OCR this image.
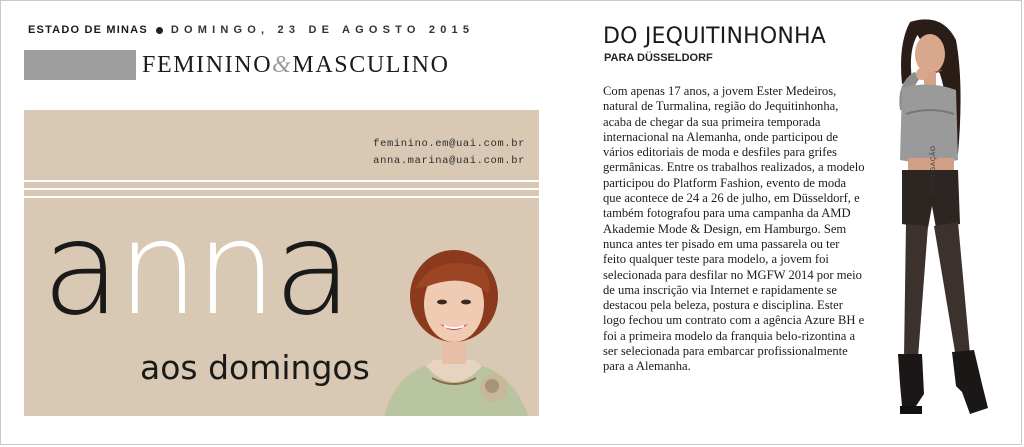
ESTADO DE MINAS DOMINGO, 23 DE AGOSTO 2015
FEMININO&MASCULINO
feminino.em@uai.com.br
anna.marina@uai.com.br
anna
aos domingos
DO JEQUITINHONHA
PARA DÜSSELDORF

Com apenas 17 anos, a jovem Ester Medeiros, natural de Turmalina, região do Jequitinhonha, acaba de chegar da sua primeira temporada internacional na Alemanha, onde participou de vários editoriais de moda e desfiles para grifes germânicas. Entre os trabalhos realizados, a modelo participou do Platform Fashion, evento de moda que acontece de 24 a 26 de julho, em Düsseldorf, e também fotografou para uma campanha da AMD Akademie Mode & Design, em Hamburgo. Sem nunca antes ter pisado em uma passarela ou ter feito qualquer teste para modelo, a jovem foi selecionada para desfilar no MGFW 2014 por meio de uma inscrição via Internet e rapidamente se destacou pela beleza, postura e disciplina. Ester logo fechou um contrato com a agência Azure BH e foi a primeira modelo da franquia belo-rizontina a ser selecionada para embarcar profissionalmente para a Alemanha.

DIVULGAÇÃO
